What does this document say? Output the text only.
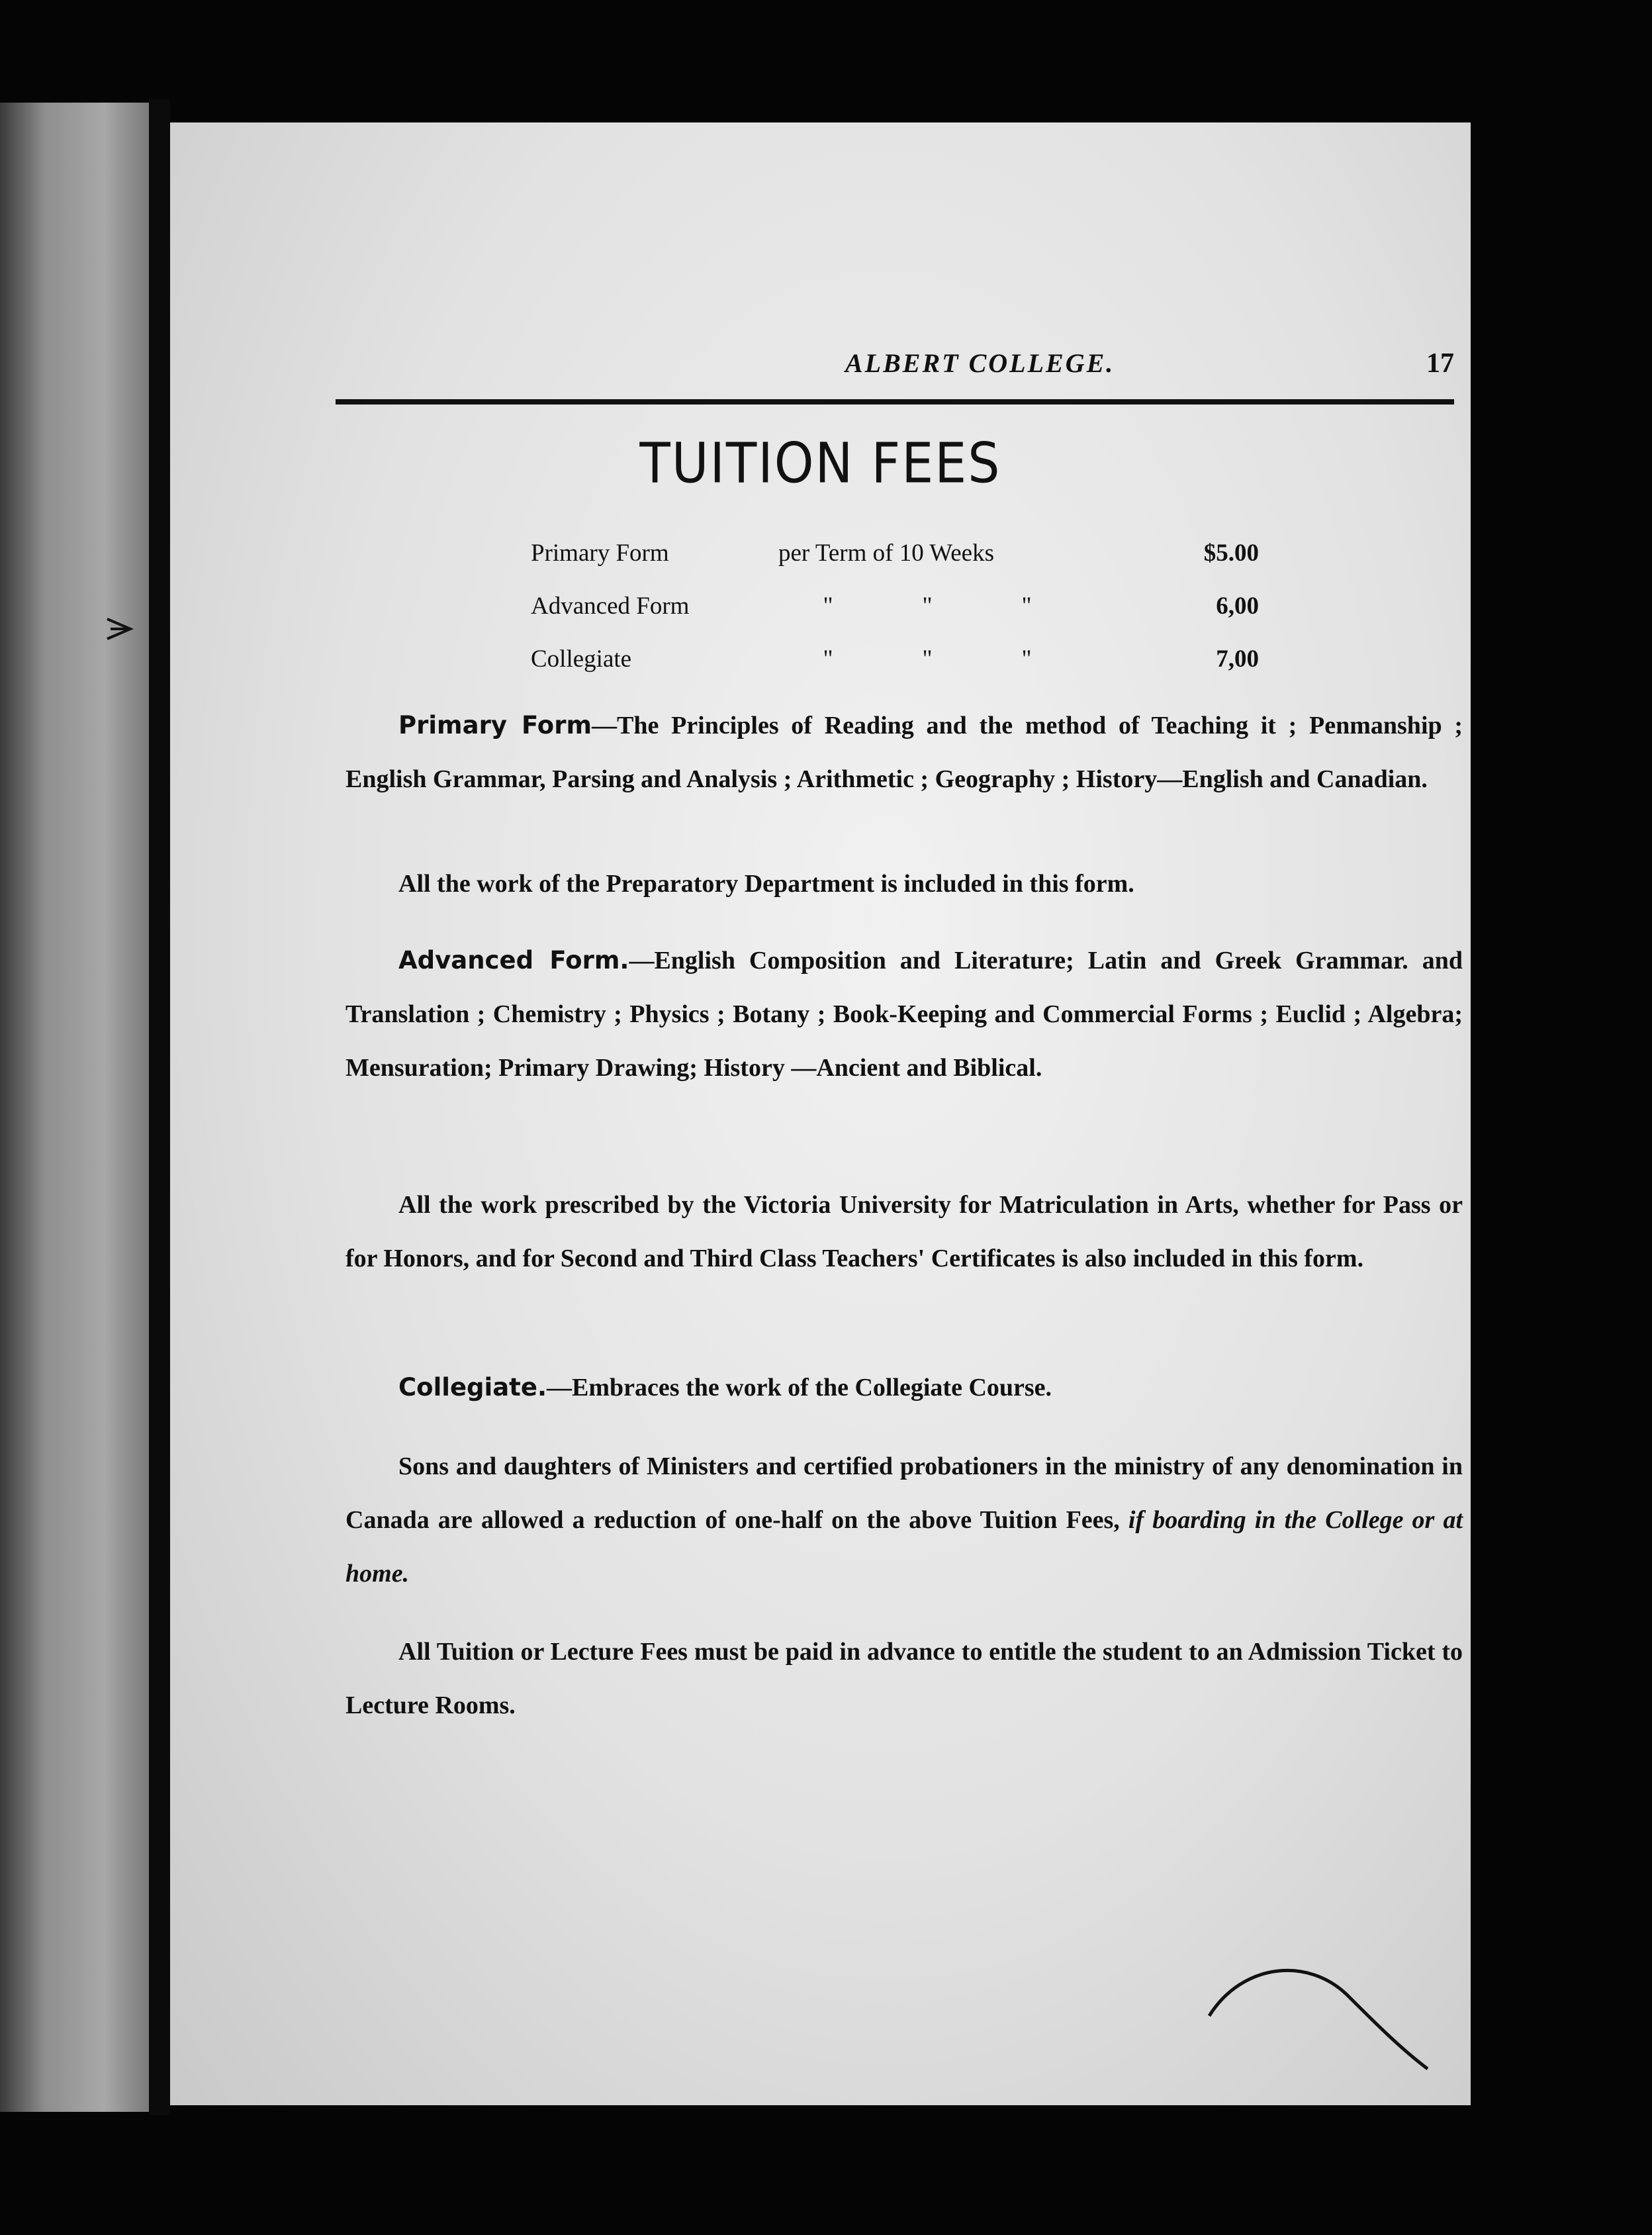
ALBERT COLLEGE.	17
TUITION FEES
Primary Form	per Term of 10 Weeks	$5.00
Advanced Form	" " "	6,00
Collegiate	" " "	7,00

Primary Form—The Principles of Reading and the method of Teaching it ; Penmanship ; English Grammar, Parsing and Analysis ; Arithmetic ; Geography ; History—English and Canadian.

All the work of the Preparatory Department is included in this form.

Advanced Form.—English Composition and Literature; Latin and Greek Grammar. and Translation ; Chemistry ; Physics ; Botany ; Book-Keeping and Commercial Forms ; Euclid ; Algebra; Mensuration; Primary Drawing; History —Ancient and Biblical.

All the work prescribed by the Victoria University for Matriculation in Arts, whether for Pass or for Honors, and for Second and Third Class Teachers' Certificates is also included in this form.

Collegiate.—Embraces the work of the Collegiate Course.

Sons and daughters of Ministers and certified probationers in the ministry of any denomination in Canada are allowed a reduction of one-half on the above Tuition Fees, if boarding in the College or at home.

All Tuition or Lecture Fees must be paid in advance to entitle the student to an Admission Ticket to Lecture Rooms.
